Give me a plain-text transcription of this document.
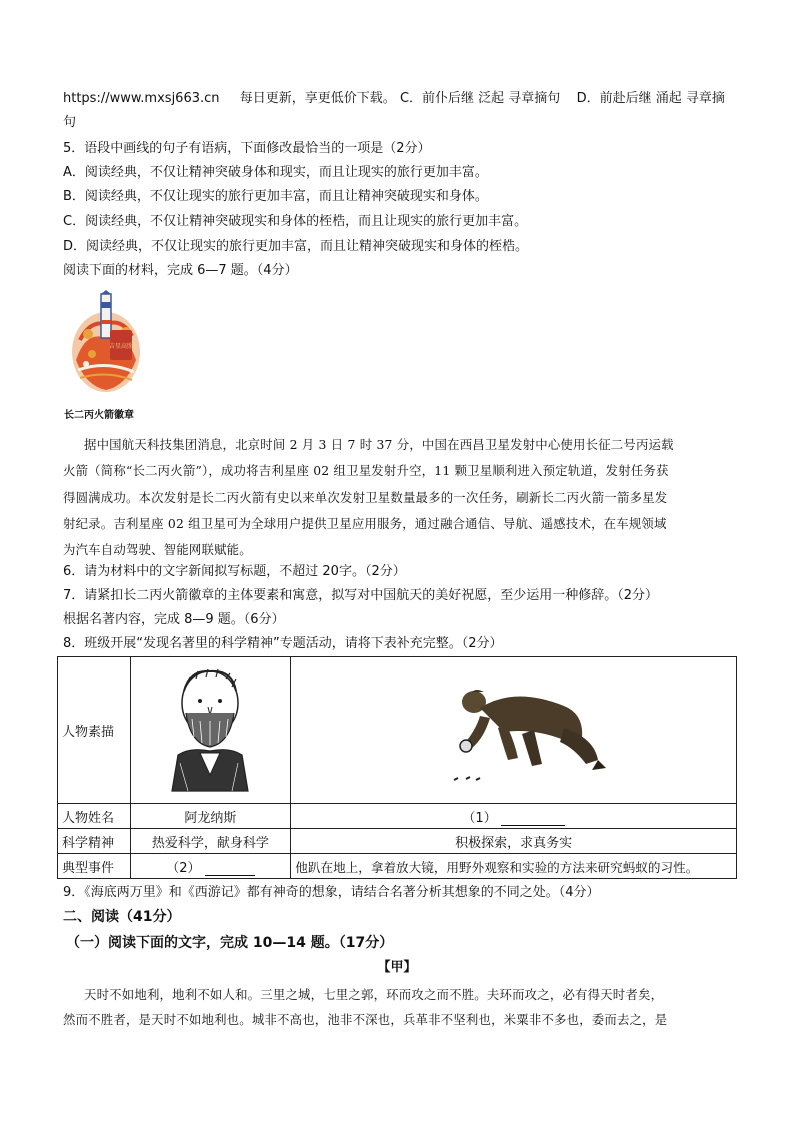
https://www.mxsj663.cn 每日更新，享更低价下载。 C．前仆后继 泛起 寻章摘句 D．前赴后继 涌起 寻章摘
句
5．语段中画线的句子有语病，下面修改最恰当的一项是（2分）
A．阅读经典，不仅让精神突破身体和现实，而且让现实的旅行更加丰富。
B．阅读经典，不仅让现实的旅行更加丰富，而且让精神突破现实和身体。
C．阅读经典，不仅让精神突破现实和身体的桎梏，而且让现实的旅行更加丰富。
D．阅读经典，不仅让现实的旅行更加丰富，而且让精神突破现实和身体的桎梏。
阅读下面的材料，完成 6—7 题。（4分）
吉星高照
长二丙火箭徽章
据中国航天科技集团消息，北京时间 2 月 3 日 7 时 37 分，中国在西昌卫星发射中心使用长征二号丙运载
火箭（简称“长二丙火箭”），成功将吉利星座 02 组卫星发射升空，11 颗卫星顺利进入预定轨道，发射任务获
得圆满成功。本次发射是长二丙火箭有史以来单次发射卫星数量最多的一次任务，刷新长二丙火箭一箭多星发
射纪录。吉利星座 02 组卫星可为全球用户提供卫星应用服务，通过融合通信、导航、遥感技术，在车规领域
为汽车自动驾驶、智能网联赋能。
6．请为材料中的文字新闻拟写标题，不超过 20字。（2分）
7．请紧扣长二丙火箭徽章的主体要素和寓意，拟写对中国航天的美好祝愿，至少运用一种修辞。（2分）
根据名著内容，完成 8—9 题。（6分）
8．班级开展“发现名著里的科学精神”专题活动，请将下表补充完整。（2分）
人物素描		
人物姓名	阿龙纳斯	（1）
科学精神	热爱科学，献身科学	积极探索，求真务实
典型事件	（2）	他趴在地上，拿着放大镜，用野外观察和实验的方法来研究蚂蚁的习性。
9．《海底两万里》和《西游记》都有神奇的想象，请结合名著分析其想象的不同之处。（4分）
二、阅读（41分）
（一）阅读下面的文字，完成 10—14 题。（17分）
【甲】
天时不如地利，地利不如人和。三里之城，七里之郭，环而攻之而不胜。夫环而攻之，必有得天时者矣，
然而不胜者，是天时不如地利也。城非不高也，池非不深也，兵革非不坚利也，米粟非不多也，委而去之，是
